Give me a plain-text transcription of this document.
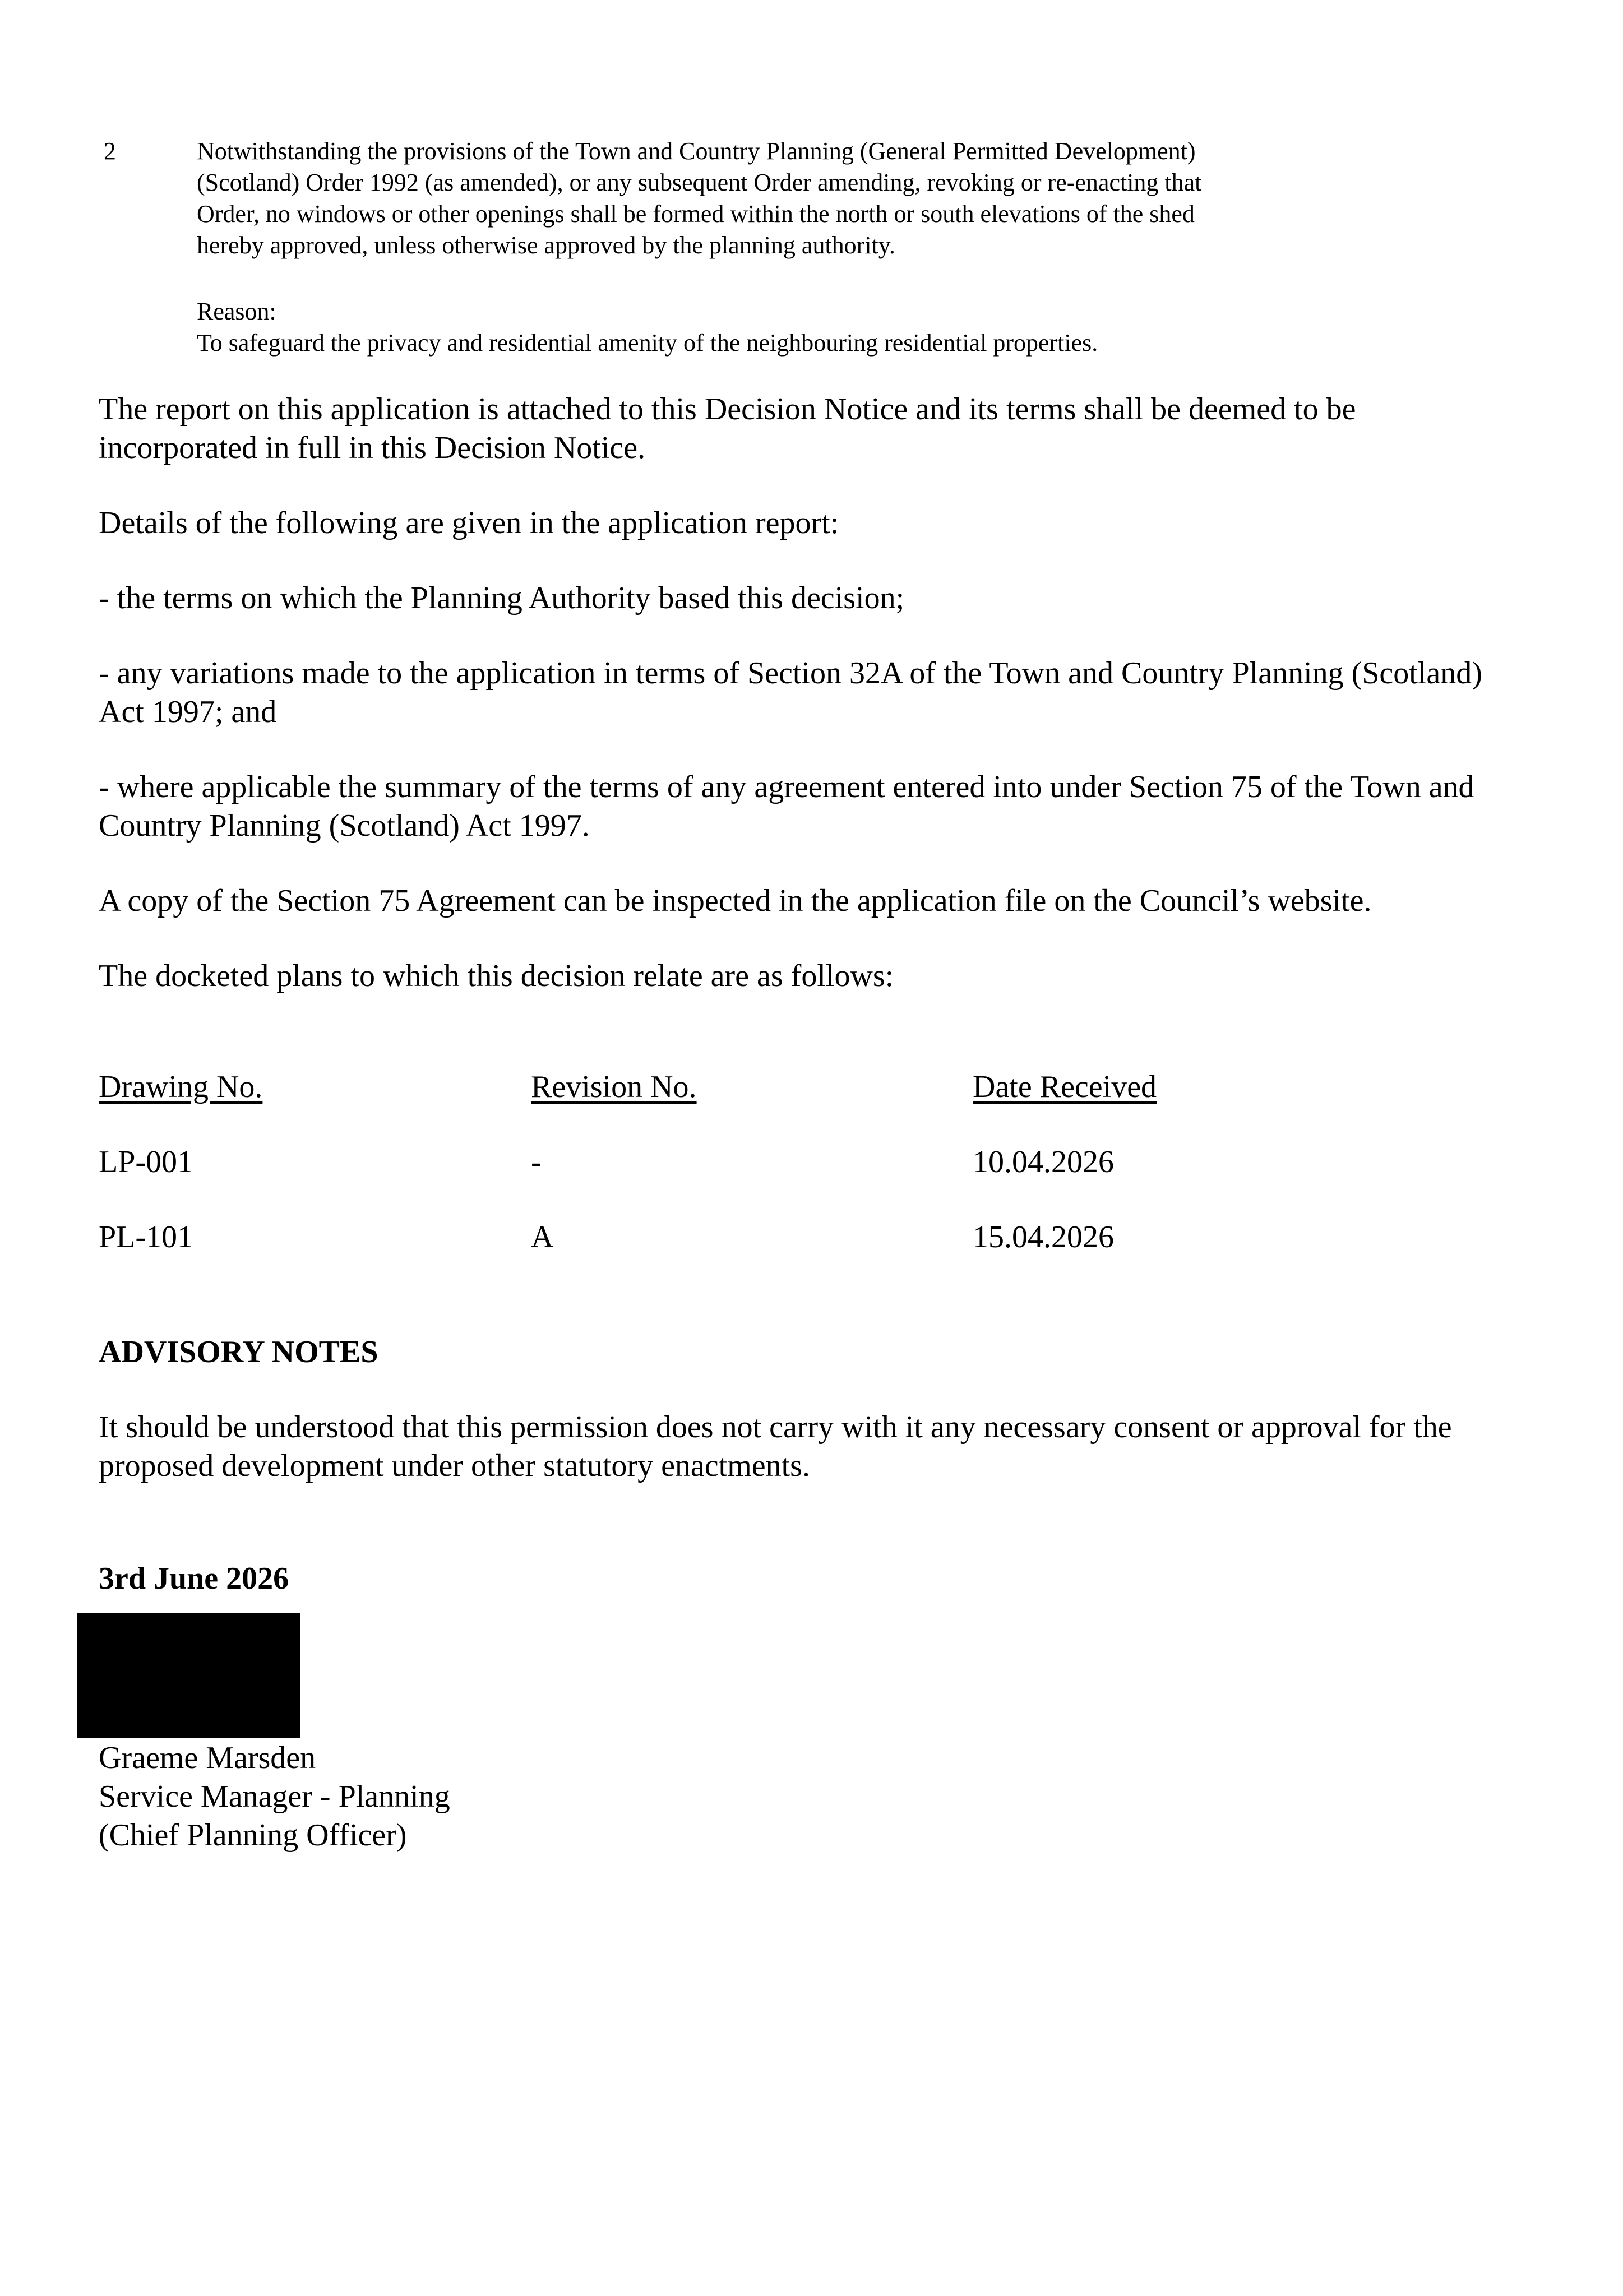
2	Notwithstanding the provisions of the Town and Country Planning (General Permitted Development)
(Scotland) Order 1992 (as amended), or any subsequent Order amending, revoking or re-enacting that
Order, no windows or other openings shall be formed within the north or south elevations of the shed
hereby approved, unless otherwise approved by the planning authority.
Reason:
To safeguard the privacy and residential amenity of the neighbouring residential properties.

The report on this application is attached to this Decision Notice and its terms shall be deemed to be incorporated in full in this Decision Notice.

Details of the following are given in the application report:

- the terms on which the Planning Authority based this decision;

- any variations made to the application in terms of Section 32A of the Town and Country Planning (Scotland) Act 1997; and

- where applicable the summary of the terms of any agreement entered into under Section 75 of the Town and Country Planning (Scotland) Act 1997.

A copy of the Section 75 Agreement can be inspected in the application file on the Council’s website.

The docketed plans to which this decision relate are as follows:

Drawing No.	Revision No.	Date Received
LP-001	-	10.04.2026
PL-101	A	15.04.2026
ADVISORY NOTES

It should be understood that this permission does not carry with it any necessary consent or approval for the proposed development under other statutory enactments.

3rd June 2026
Graeme Marsden
Service Manager - Planning
(Chief Planning Officer)
